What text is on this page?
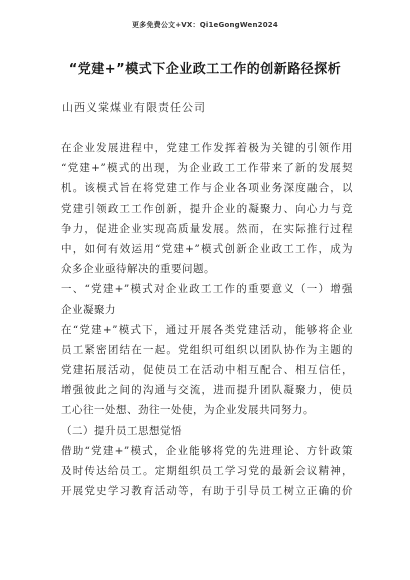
更多免费公文+VX：Qi1eGongWen2024
“党建+”模式下企业政工工作的创新路径探析
山西义棠煤业有限责任公司
在企业发展进程中，党建工作发挥着极为关键的引领作用
“党建+”模式的出现，为企业政工工作带来了新的发展契
机。该模式旨在将党建工作与企业各项业务深度融合，以
党建引领政工工作创新，提升企业的凝聚力、向心力与竞
争力，促进企业实现高质量发展。然而，在实际推行过程
中，如何有效运用“党建+”模式创新企业政工工作，成为
众多企业亟待解决的重要问题。
一、“党建+”模式对企业政工工作的重要意义（一）增强
企业凝聚力
在“党建+”模式下，通过开展各类党建活动，能够将企业
员工紧密团结在一起。党组织可组织以团队协作为主题的
党建拓展活动，促使员工在活动中相互配合、相互信任，
增强彼此之间的沟通与交流，进而提升团队凝聚力，使员
工心往一处想、劲往一处使，为企业发展共同努力。
（二）提升员工思想觉悟
借助“党建+”模式，企业能够将党的先进理论、方针政策
及时传达给员工。定期组织员工学习党的最新会议精神，
开展党史学习教育活动等，有助于引导员工树立正确的价
